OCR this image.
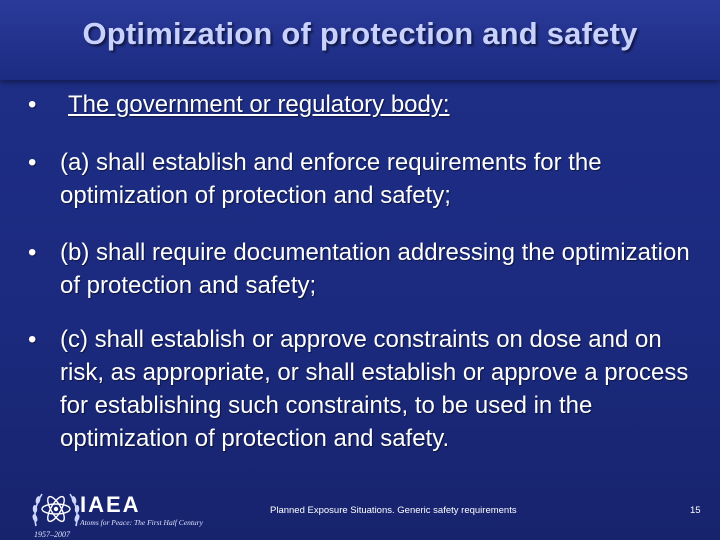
Optimization of protection and safety
•	The government or regulatory body:
• (a) shall establish and enforce requirements for the optimization of protection and safety;
• (b) shall require documentation addressing the optimization of protection and safety;
• (c) shall establish or approve constraints on dose and on risk, as appropriate, or shall establish or approve a process for establishing such constraints, to be used in the optimization of protection and safety.
IAEA
Atoms for Peace: The First Half Century
1957–2007
Planned Exposure Situations. Generic safety requirements	15
